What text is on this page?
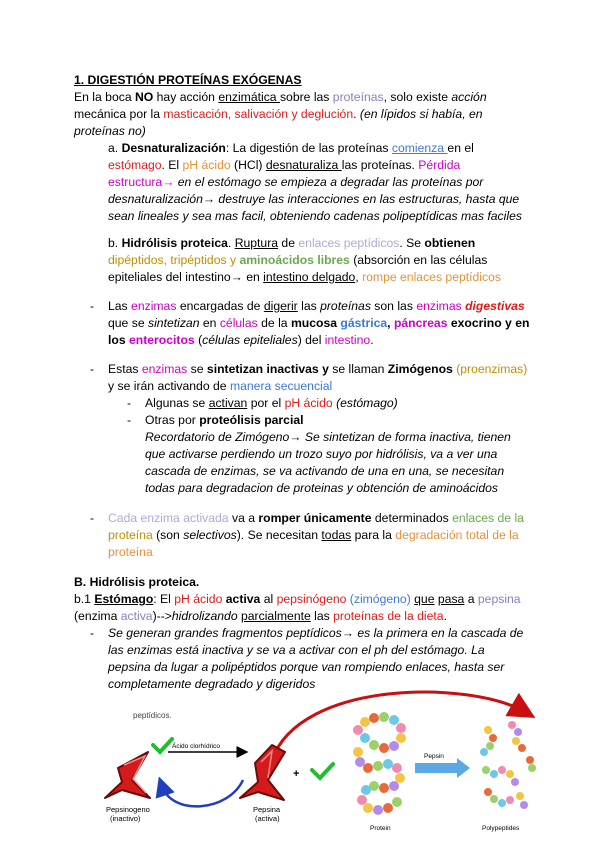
1. DIGESTIÓN PROTEÍNAS EXÓGENAS
En la boca NO hay acción enzimática sobre las proteínas, solo existe acción
mecánica por la masticación, salivación y deglución. (en lípidos si había, en
proteínas no)
a. Desnaturalización: La digestión de las proteínas comienza en el
estómago. El pH ácido (HCl) desnaturaliza las proteínas. Pérdida
estructura→ en el estómago se empieza a degradar las proteínas por
desnaturalización→ destruye las interacciones en las estructuras, hasta que
sean lineales y sea mas facil, obteniendo cadenas polipeptídicas mas faciles
b. Hidrólisis proteica. Ruptura de enlaces peptídicos. Se obtienen
dipéptidos, tripéptidos y aminoácidos libres (absorción en las células
epiteliales del intestino→ en intestino delgado, rompe enlaces peptídicos
- Las enzimas encargadas de digerir las proteínas son las enzimas digestivas
que se sintetizan en células de la mucosa gástrica, páncreas exocrino y en
los enterocitos (células epiteliales) del intestino.
- Estas enzimas se sintetizan inactivas y se llaman Zimógenos (proenzimas)
y se irán activando de manera secuencial
- Algunas se activan por el pH ácido (estómago)
- Otras por proteólisis parcial
Recordatorio de Zimógeno→ Se sintetizan de forma inactiva, tienen
que activarse perdiendo un trozo suyo por hidrólisis, va a ver una
cascada de enzimas, se va activando de una en una, se necesitan
todas para degradacion de proteinas y obtención de aminoácidos
- Cada enzima activada va a romper únicamente determinados enlaces de la
proteína (son selectivos). Se necesitan todas para la degradación total de la
proteína
B. Hidrólisis proteica.
b.1 Estómago: El pH ácido activa al pepsinógeno (zimógeno) que pasa a pepsina
(enzima activa)-->hidrolizando parcialmente las proteínas de la dieta.
- Se generan grandes fragmentos peptídicos→ es la primera en la cascada de
las enzimas está inactiva y se va a activar con el ph del estómago. La
pepsina da lugar a polipéptidos porque van rompiendo enlaces, hasta ser
completamente degradado y digeridos
peptídicos.
Ácido clorhídrico
Pepsinogeno
(inactivo)
Pepsina
(activa)
+
Protein
Pepsin
Polypeptides
